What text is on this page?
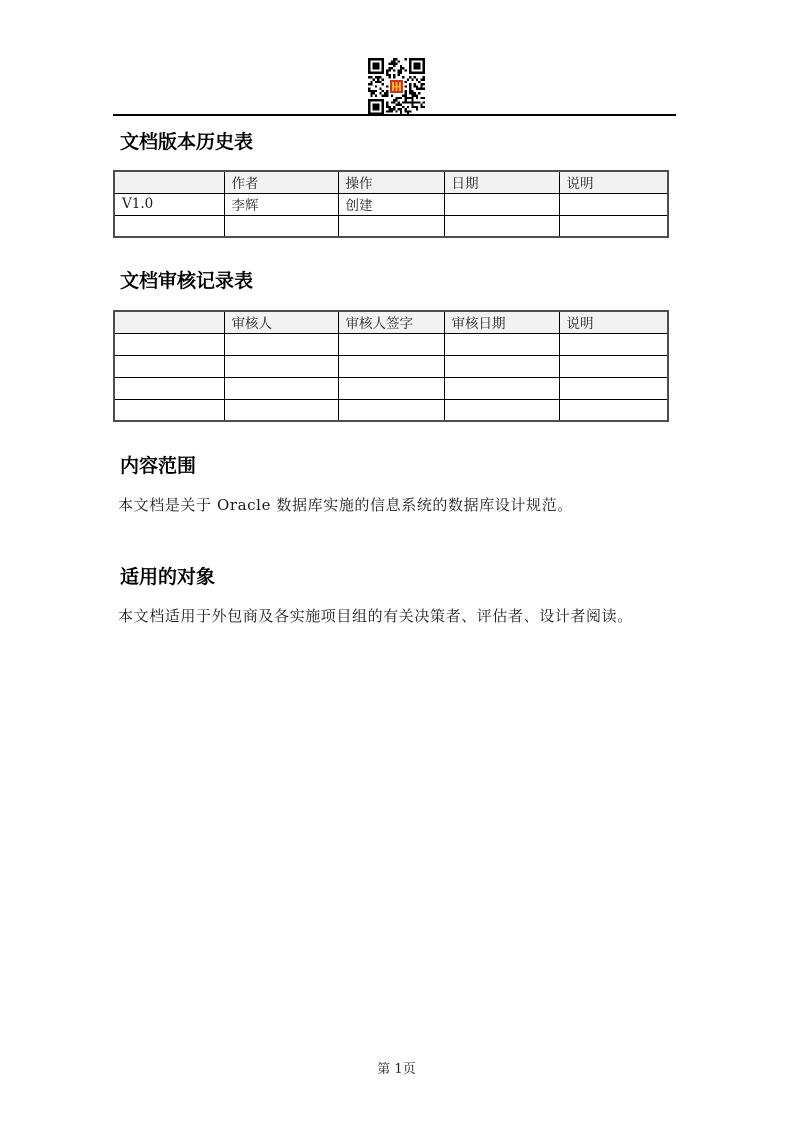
文档版本历史表
	作者	操作	日期	说明
V1.0	李辉	创建		

文档审核记录表
	审核人	审核人签字	审核日期	说明

内容范围

本文档是关于 Oracle 数据库实施的信息系统的数据库设计规范。

适用的对象

本文档适用于外包商及各实施项目组的有关决策者、评估者、设计者阅读。

第 1页
